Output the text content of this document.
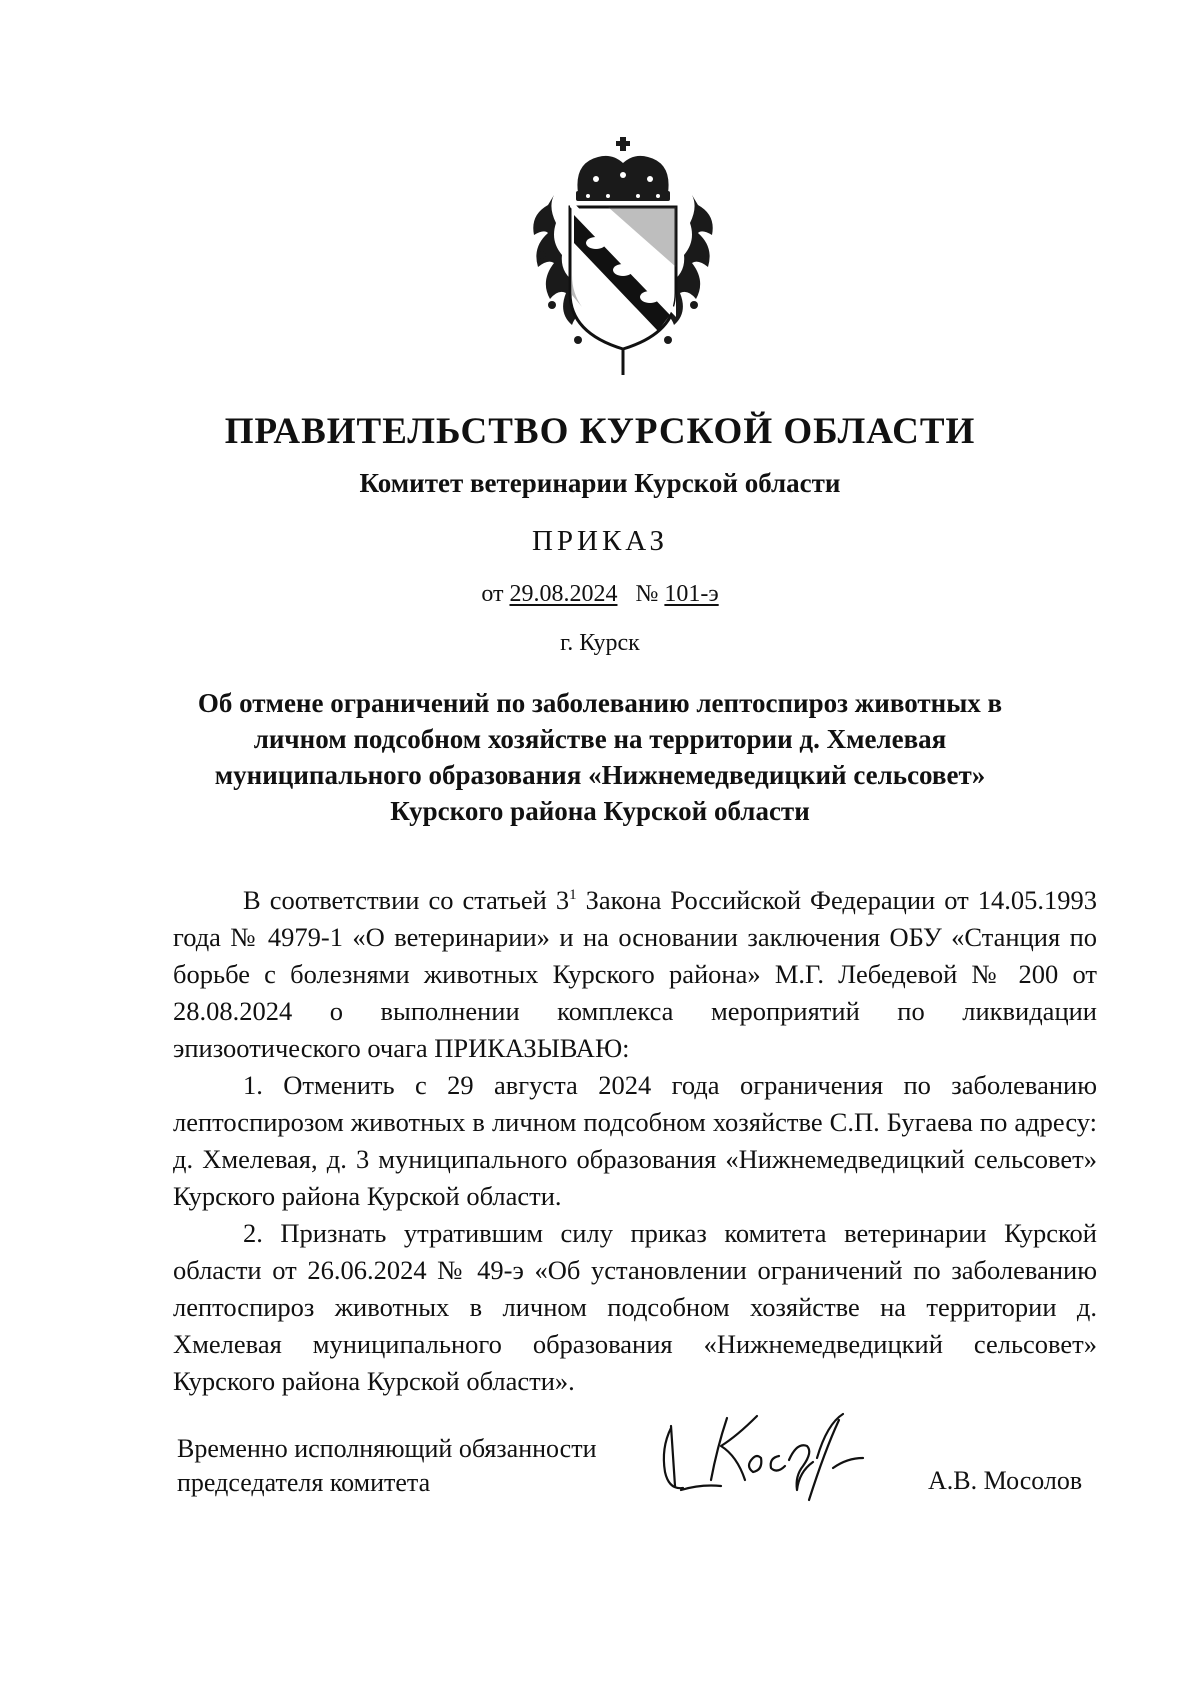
ПРАВИТЕЛЬСТВО КУРСКОЙ ОБЛАСТИ
Комитет ветеринарии Курской области
ПРИКАЗ
от 29.08.2024 № 101-э
г. Курск
Об отмене ограничений по заболеванию лептоспироз животных в
личном подсобном хозяйстве на территории д. Хмелевая
муниципального образования «Нижнемедведицкий сельсовет»
Курского района Курской области

В соответствии со статьей $3^1$ Закона Российской Федерации от 14.05.1993 года № 4979-1 «О ветеринарии» и на основании заключения ОБУ «Станция по борьбе с болезнями животных Курского района» М.Г. Лебедевой № 200 от 28.08.2024 о выполнении комплекса мероприятий по ликвидации эпизоотического очага ПРИКАЗЫВАЮ:

1. Отменить с 29 августа 2024 года ограничения по заболеванию лептоспирозом животных в личном подсобном хозяйстве С.П. Бугаева по адресу: д. Хмелевая, д. 3 муниципального образования «Нижнемедведицкий сельсовет» Курского района Курской области.

2. Признать утратившим силу приказ комитета ветеринарии Курской области от 26.06.2024 № 49-э «Об установлении ограничений по заболеванию лептоспироз животных в личном подсобном хозяйстве на территории д. Хмелевая муниципального образования «Нижнемедведицкий сельсовет» Курского района Курской области».

Временно исполняющий обязанности
председателя комитета	А.В. Мосолов
